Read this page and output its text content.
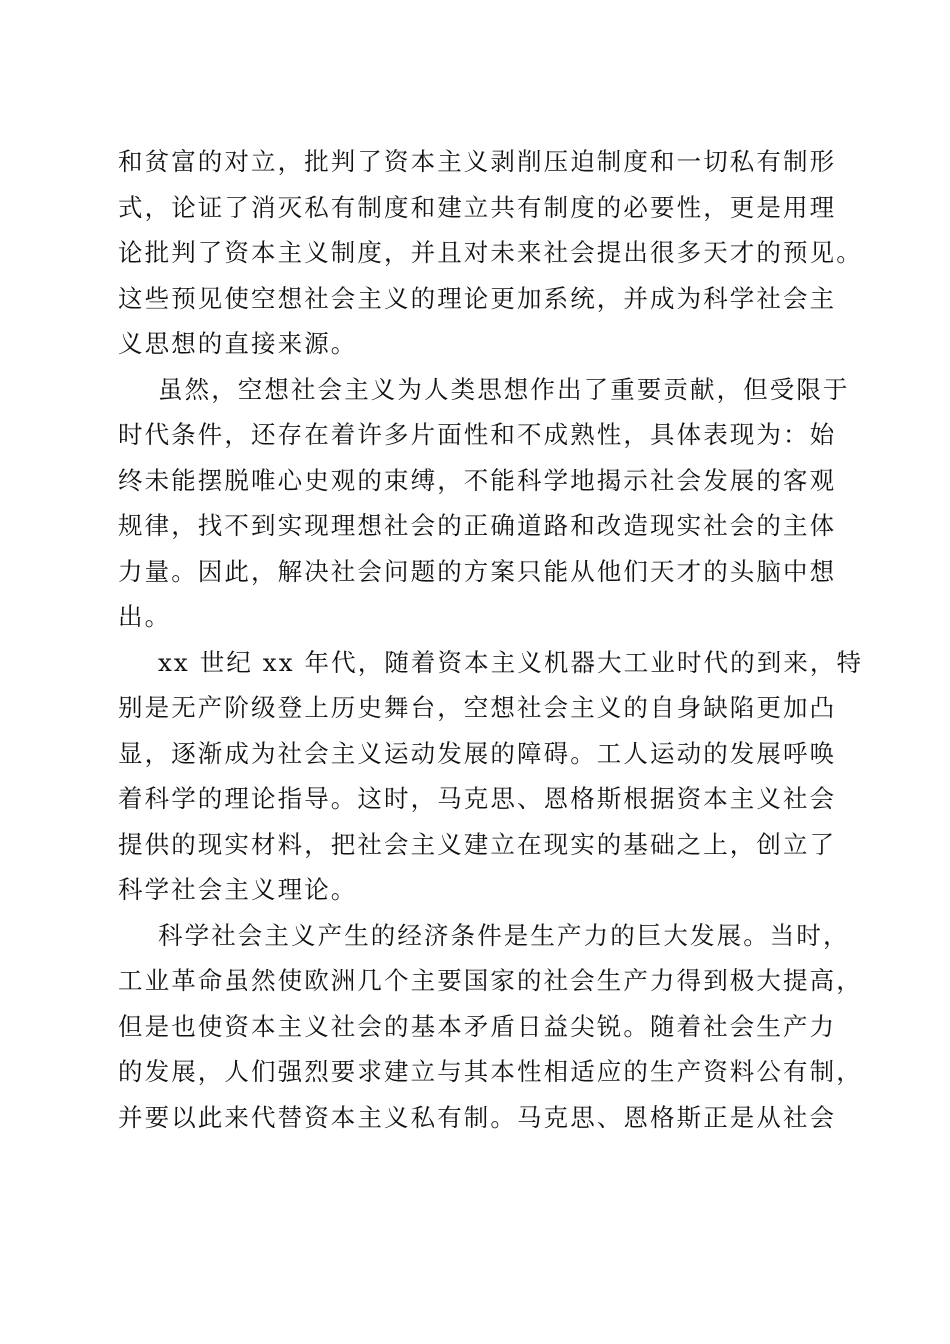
和贫富的对立，批判了资本主义剥削压迫制度和一切私有制形
式，论证了消灭私有制度和建立共有制度的必要性，更是用理
论批判了资本主义制度，并且对未来社会提出很多天才的预见。
这些预见使空想社会主义的理论更加系统，并成为科学社会主
义思想的直接来源。
虽然，空想社会主义为人类思想作出了重要贡献，但受限于
时代条件，还存在着许多片面性和不成熟性，具体表现为：始
终未能摆脱唯心史观的束缚，不能科学地揭示社会发展的客观
规律，找不到实现理想社会的正确道路和改造现实社会的主体
力量。因此，解决社会问题的方案只能从他们天才的头脑中想
出。
xx 世纪 xx 年代，随着资本主义机器大工业时代的到来，特
别是无产阶级登上历史舞台，空想社会主义的自身缺陷更加凸
显，逐渐成为社会主义运动发展的障碍。工人运动的发展呼唤
着科学的理论指导。这时，马克思、恩格斯根据资本主义社会
提供的现实材料，把社会主义建立在现实的基础之上，创立了
科学社会主义理论。
科学社会主义产生的经济条件是生产力的巨大发展。当时，
工业革命虽然使欧洲几个主要国家的社会生产力得到极大提高，
但是也使资本主义社会的基本矛盾日益尖锐。随着社会生产力
的发展，人们强烈要求建立与其本性相适应的生产资料公有制，
并要以此来代替资本主义私有制。马克思、恩格斯正是从社会
